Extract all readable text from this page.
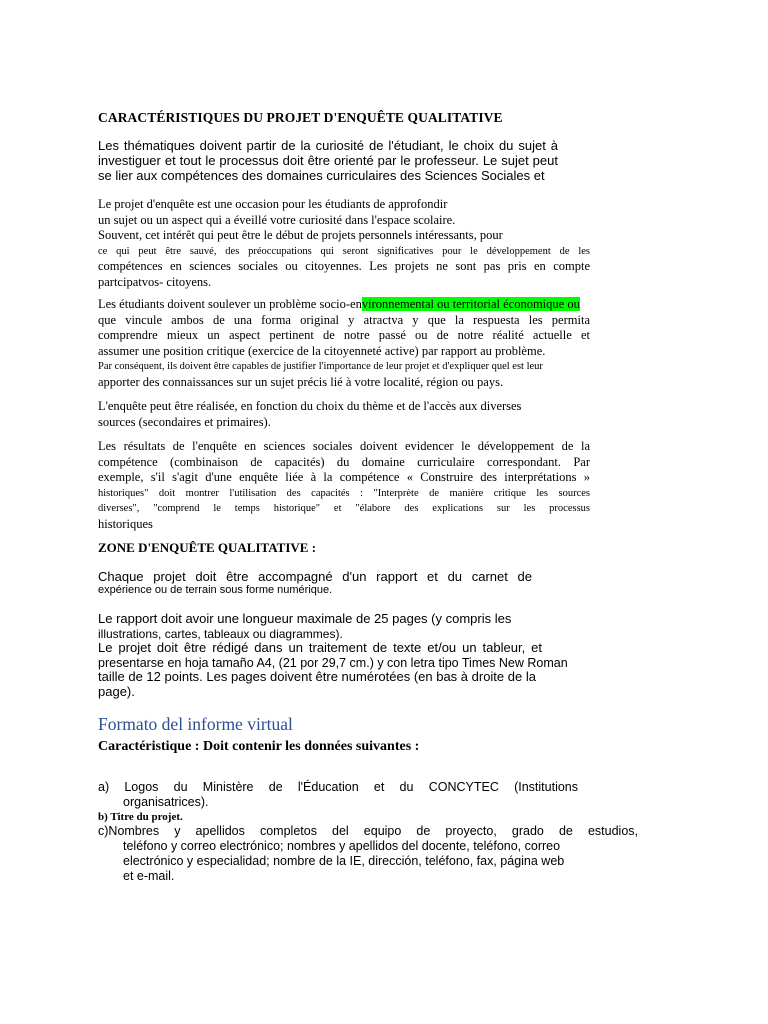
CARACTÉRISTIQUES DU PROJET D'ENQUÊTE QUALITATIVE
Les thématiques doivent partir de la curiosité de l'étudiant, le choix du sujet à
investiguer et tout le processus doit être orienté par le professeur. Le sujet peut
se lier aux compétences des domaines curriculaires des Sciences Sociales et
Le projet d'enquête est une occasion pour les étudiants de approfondir
un sujet ou un aspect qui a éveillé votre curiosité dans l'espace scolaire.
Souvent, cet intérêt qui peut être le début de projets personnels intéressants, pour
ce qui peut être sauvé, des préoccupations qui seront significatives pour le développement de les
compétences en sciences sociales ou citoyennes. Les projets ne sont pas pris en compte
partcipatvos- citoyens.
Les étudiants doivent soulever un problème socio-environnemental ou territorial économique ou
que vincule ambos de una forma original y atractva y que la respuesta les permita
comprendre mieux un aspect pertinent de notre passé ou de notre réalité actuelle et
assumer une position critique (exercice de la citoyenneté active) par rapport au problème.
Par conséquent, ils doivent être capables de justifier l'importance de leur projet et d'expliquer quel est leur
apporter des connaissances sur un sujet précis lié à votre localité, région ou pays.
L'enquête peut être réalisée, en fonction du choix du thème et de l'accès aux diverses
sources (secondaires et primaires).
Les résultats de l'enquête en sciences sociales doivent evidencer le développement de la
compétence (combinaison de capacités) du domaine curriculaire correspondant. Par
exemple, s'il s'agit d'une enquête liée à la compétence « Construire des interprétations »
historiques" doit montrer l'utilisation des capacités : "Interprète de manière critique les sources
diverses", "comprend le temps historique" et "élabore des explications sur les processus
historiques
ZONE D'ENQUÊTE QUALITATIVE :
Chaque projet doit être accompagné d'un rapport et du carnet de
expérience ou de terrain sous forme numérique.
Le rapport doit avoir une longueur maximale de 25 pages (y compris les
illustrations, cartes, tableaux ou diagrammes).
Le projet doit être rédigé dans un traitement de texte et/ou un tableur, et
presentarse en hoja tamaño A4, (21 por 29,7 cm.) y con letra tipo Times New Roman
taille de 12 points. Les pages doivent être numérotées (en bas à droite de la
page).
Formato del informe virtual
Caractéristique : Doit contenir les données suivantes :
a) Logos du Ministère de l'Éducation et du CONCYTEC (Institutions
organisatrices).
b) Titre du projet.
c)Nombres y apellidos completos del equipo de proyecto, grado de estudios,
teléfono y correo electrónico; nombres y apellidos del docente, teléfono, correo
electrónico y especialidad; nombre de la IE, dirección, teléfono, fax, página web
et e-mail.
